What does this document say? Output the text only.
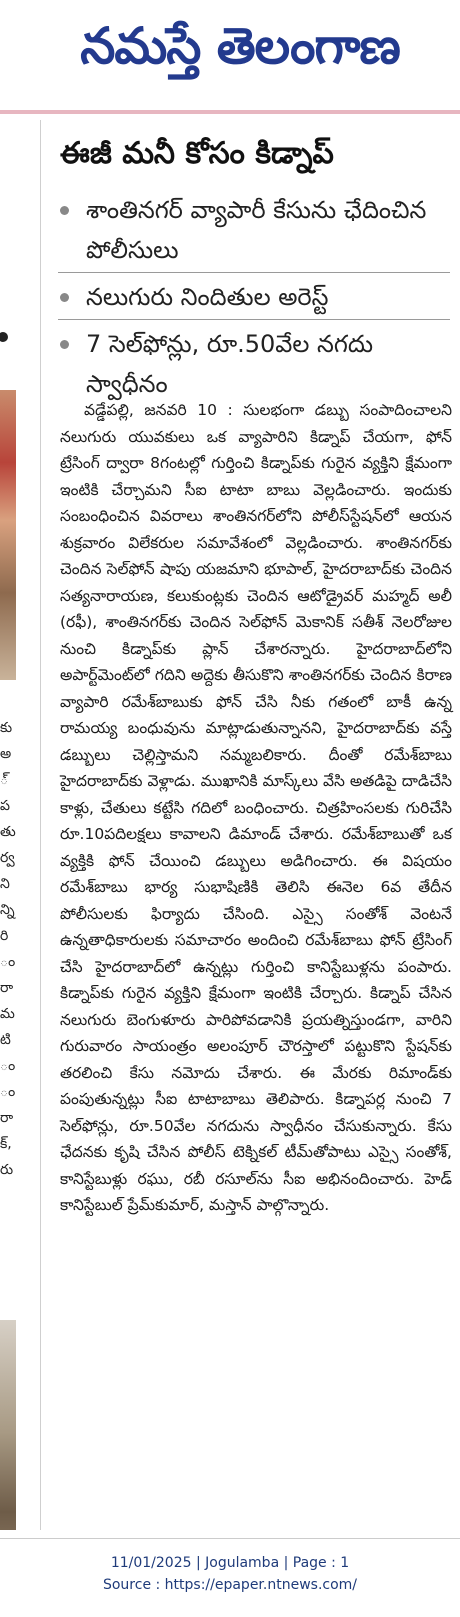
నమస్తే తెలంగాణ
కు
అ
్
ప
తు
ర్వ
ని
న్ని
రి
ం
రా
మ
టి
ం
ం
రా
క్,
రు
ఈజీ మనీ కోసం కిడ్నాప్
శాంతినగర్ వ్యాపారీ కేసును ఛేదించిన పోలీసులు
నలుగురు నిందితుల అరెస్ట్
7 సెల్‌ఫోన్లు, రూ.50వేల నగదు స్వాధీనం

వడ్డేపల్లి, జనవరి 10 : సులభంగా డబ్బు సంపాదించాలని నలుగురు యువకులు ఒక వ్యాపారిని కిడ్నాప్ చేయగా, ఫోన్ ట్రేసింగ్ ద్వారా 8గంటల్లో గుర్తించి కిడ్నాప్‌కు గురైన వ్యక్తిని క్షేమంగా ఇంటికి చేర్చామని సీఐ టాటా బాబు వెల్లడించారు. ఇందుకు సంబంధించిన వివరాలు శాంతినగర్‌లోని పోలీస్‌స్టేషన్‌లో ఆయన శుక్రవారం విలేకరుల సమావేశంలో వెల్లడించారు. శాంతినగర్‌కు చెందిన సెల్‌ఫోన్ షాపు యజమాని భూపాల్, హైదరాబాద్‌కు చెందిన సత్యనారాయణ, కలుకుంట్లకు చెందిన ఆటోడ్రైవర్ మహ్మద్ అలీ (రఫీ), శాంతినగర్‌కు చెందిన సెల్‌ఫోన్ మెకానిక్ సతీశ్ నెలరోజుల నుంచి కిడ్నాప్‌కు ప్లాన్ చేశారన్నారు. హైదరాబాద్‌లోని అపార్ట్‌మెంట్‌లో గదిని అద్దెకు తీసుకొని శాంతినగర్‌కు చెందిన కిరాణ వ్యాపారి రమేశ్‌బాబుకు ఫోన్ చేసి నీకు గతంలో బాకీ ఉన్న రామయ్య బంధువును మాట్లాడుతున్నానని, హైదరాబాద్‌కు వస్తే డబ్బులు చెల్లిస్తామని నమ్మబలికారు. దీంతో రమేశ్‌బాబు హైదరాబాద్‌కు వెళ్లాడు. ముఖానికి మాస్క్‌లు వేసి అతడిపై దాడిచేసి కాళ్లు, చేతులు కట్టేసి గదిలో బంధించారు. చిత్రహింసలకు గురిచేసి రూ.10పదిలక్షలు కావాలని డిమాండ్ చేశారు. రమేశ్‌బాబుతో ఒక వ్యక్తికి ఫోన్ చేయించి డబ్బులు అడిగించారు. ఈ విషయం రమేశ్‌బాబు భార్య సుభాషిణికి తెలిసి ఈనెల 6వ తేదీన పోలీసులకు ఫిర్యాదు చేసింది. ఎస్సై సంతోశ్ వెంటనే ఉన్నతాధికారులకు సమాచారం అందించి రమేశ్‌బాబు ఫోన్ ట్రేసింగ్ చేసి హైదరాబాద్‌లో ఉన్నట్లు గుర్తించి కానిస్టేబుళ్లను పంపారు. కిడ్నాప్‌కు గురైన వ్యక్తిని క్షేమంగా ఇంటికి చేర్చారు. కిడ్నాప్ చేసిన నలుగురు బెంగుళూరు పారిపోవడానికి ప్రయత్నిస్తుండగా, వారిని గురువారం సాయంత్రం అలంపూర్ చౌరస్తాలో పట్టుకొని స్టేషన్‌కు తరలించి కేసు నమోదు చేశారు. ఈ మేరకు రిమాండ్‌కు పంపుతున్నట్లు సీఐ టాటాబాబు తెలిపారు. కిడ్నాపర్ల నుంచి 7 సెల్‌ఫోన్లు, రూ.50వేల నగదును స్వాధీనం చేసుకున్నారు. కేసు ఛేదనకు కృషి చేసిన పోలీస్ టెక్నికల్ టీమ్‌తోపాటు ఎస్సై సంతోశ్, కానిస్టేబుళ్లు రఘు, రబీ రసూల్‌ను సీఐ అభినందించారు. హెడ్ కానిస్టేబుల్ ప్రేమ్‌కుమార్, మస్తాన్ పాల్గొన్నారు.

11/01/2025 | Jogulamba | Page : 1
Source : https://epaper.ntnews.com/
